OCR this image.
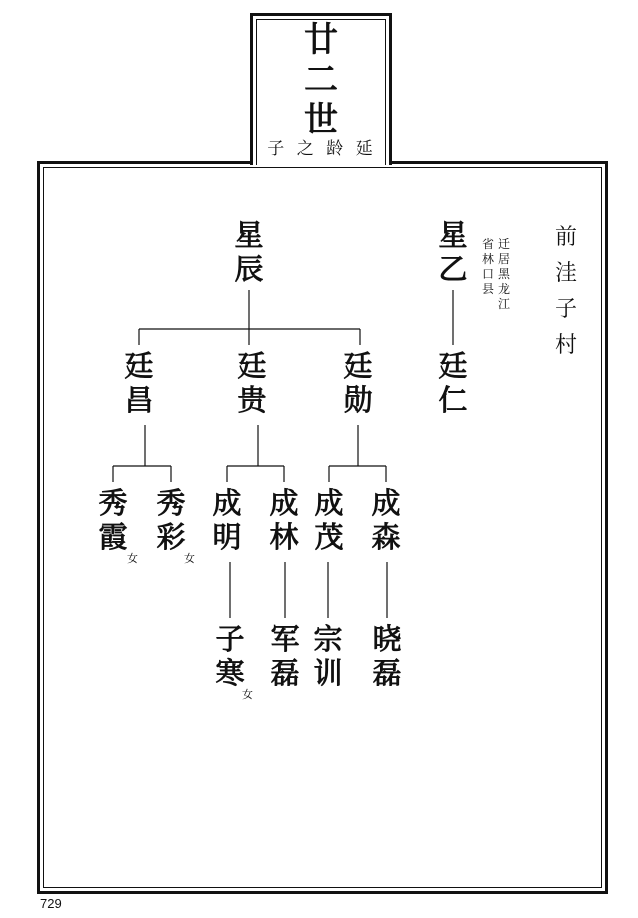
廿
二
世
子 之 龄 延
前
洼
子
村
星
辰
星
乙
迁
居
黑
龙
江
省
林
口
县
廷
昌
廷
贵
廷
勋
廷
仁
秀
霞
女
秀
彩
女
成
明
成
林
成
茂
成
森
子
寒
女
军
磊
宗
训
晓
磊
729
